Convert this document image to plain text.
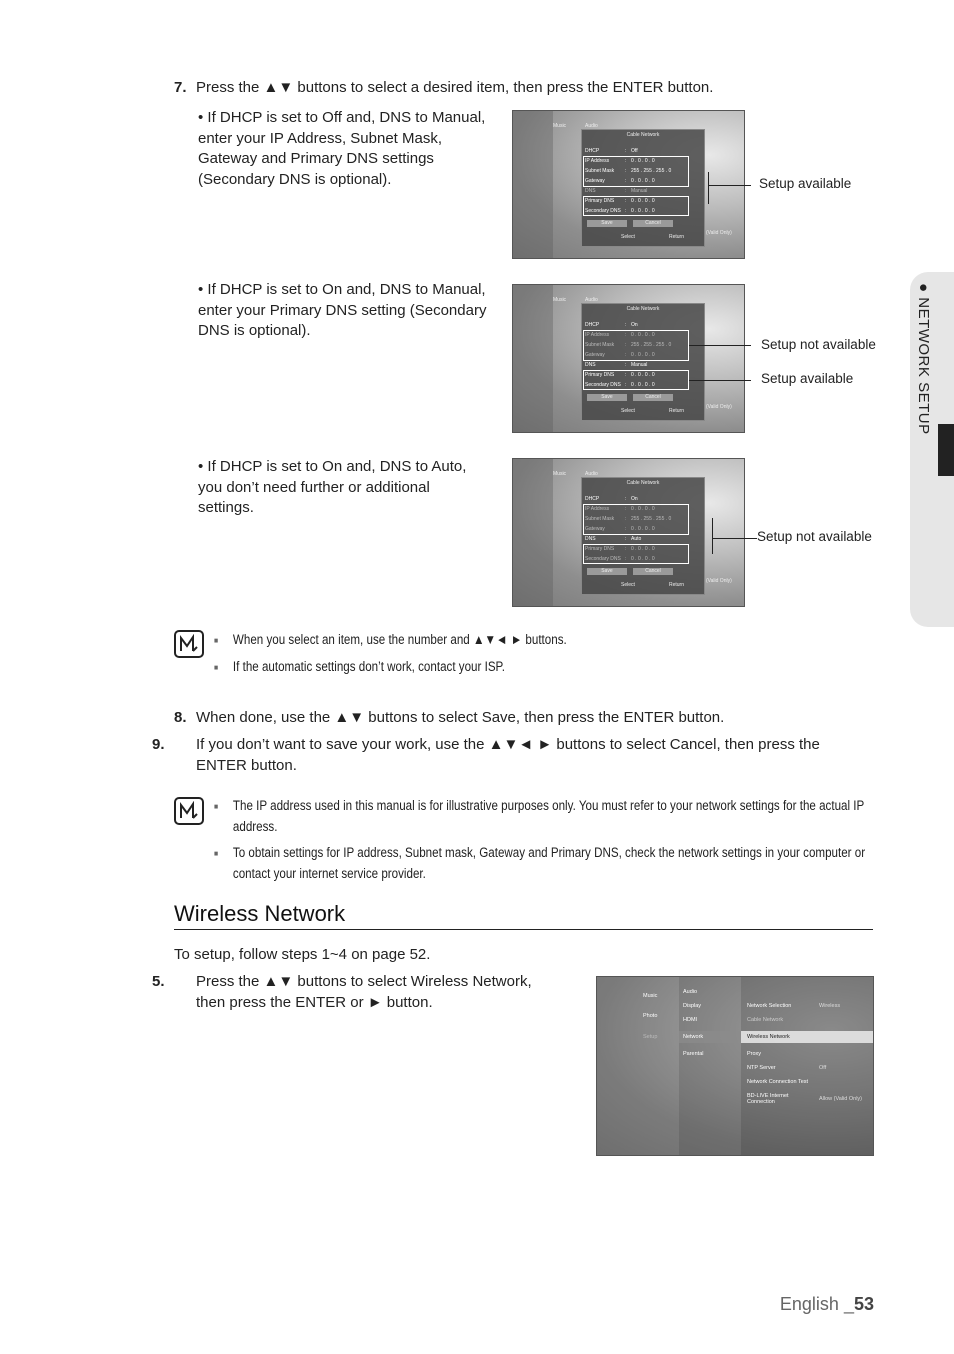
● NETWORK SETUP
7. Press the ▲▼ buttons to select a desired item, then press the ENTER button.
• If DHCP is set to Off and, DNS to Manual, enter your IP Address, Subnet Mask, Gateway and Primary DNS settings (Secondary DNS is optional).
• If DHCP is set to On and, DNS to Manual, enter your Primary DNS setting (Secondary DNS is optional).
• If DHCP is set to On and, DNS to Auto, you don’t need further or additional settings.
Music	Audio
Cable Network
DHCP	: Off
IP Address	: 0 . 0 . 0 . 0
Subnet Mask : 255 . 255 . 255 . 0
Gateway	: 0 . 0 . 0 . 0
DNS	: Manual
Primary DNS : 0 . 0 . 0 . 0
Secondary DNS : 0 . 0 . 0 . 0
Save	Cancel
Select	Return
(Valid Only)
Setup available
Music	Audio
Cable Network
DHCP	: On
IP Address	: 0 . 0 . 0 . 0
Subnet Mask : 255 . 255 . 255 . 0
Gateway	: 0 . 0 . 0 . 0
DNS	: Manual
Primary DNS : 0 . 0 . 0 . 0
Secondary DNS : 0 . 0 . 0 . 0
Save	Cancel
Select	Return
(Valid Only)
Setup not available
Setup available
Music	Audio
Cable Network
DHCP	: On
IP Address	: 0 . 0 . 0 . 0
Subnet Mask : 255 . 255 . 255 . 0
Gateway	: 0 . 0 . 0 . 0
DNS	: Auto
Primary DNS : 0 . 0 . 0 . 0
Secondary DNS : 0 . 0 . 0 . 0
Save	Cancel
Select	Return
(Valid Only)
Setup not available
■ When you select an item, use the number and ▲▼◄ ► buttons.
■ If the automatic settings don’t work, contact your ISP.
8. When done, use the ▲▼ buttons to select Save, then press the ENTER button.
9. If you don’t want to save your work, use the ▲▼◄ ► buttons to select Cancel, then press the ENTER button.
■ The IP address used in this manual is for illustrative purposes only. You must refer to your network settings for the actual IP address.
■ To obtain settings for IP address, Subnet mask, Gateway and Primary DNS, check the network settings in your computer or contact your internet service provider.
Wireless Network
To setup, follow steps 1~4 on page 52.
5. Press the ▲▼ buttons to select Wireless Network, then press the ENTER or ► button.	Music
Photo
Setup
Audio
Display
HDMI
Network
Parental
Network Selection	Wireless
Cable Network
Wireless Network
Proxy
NTP Server	Off
Network Connection Test
BD-LIVE Internet Connection	Allow (Valid Only)
English _53
